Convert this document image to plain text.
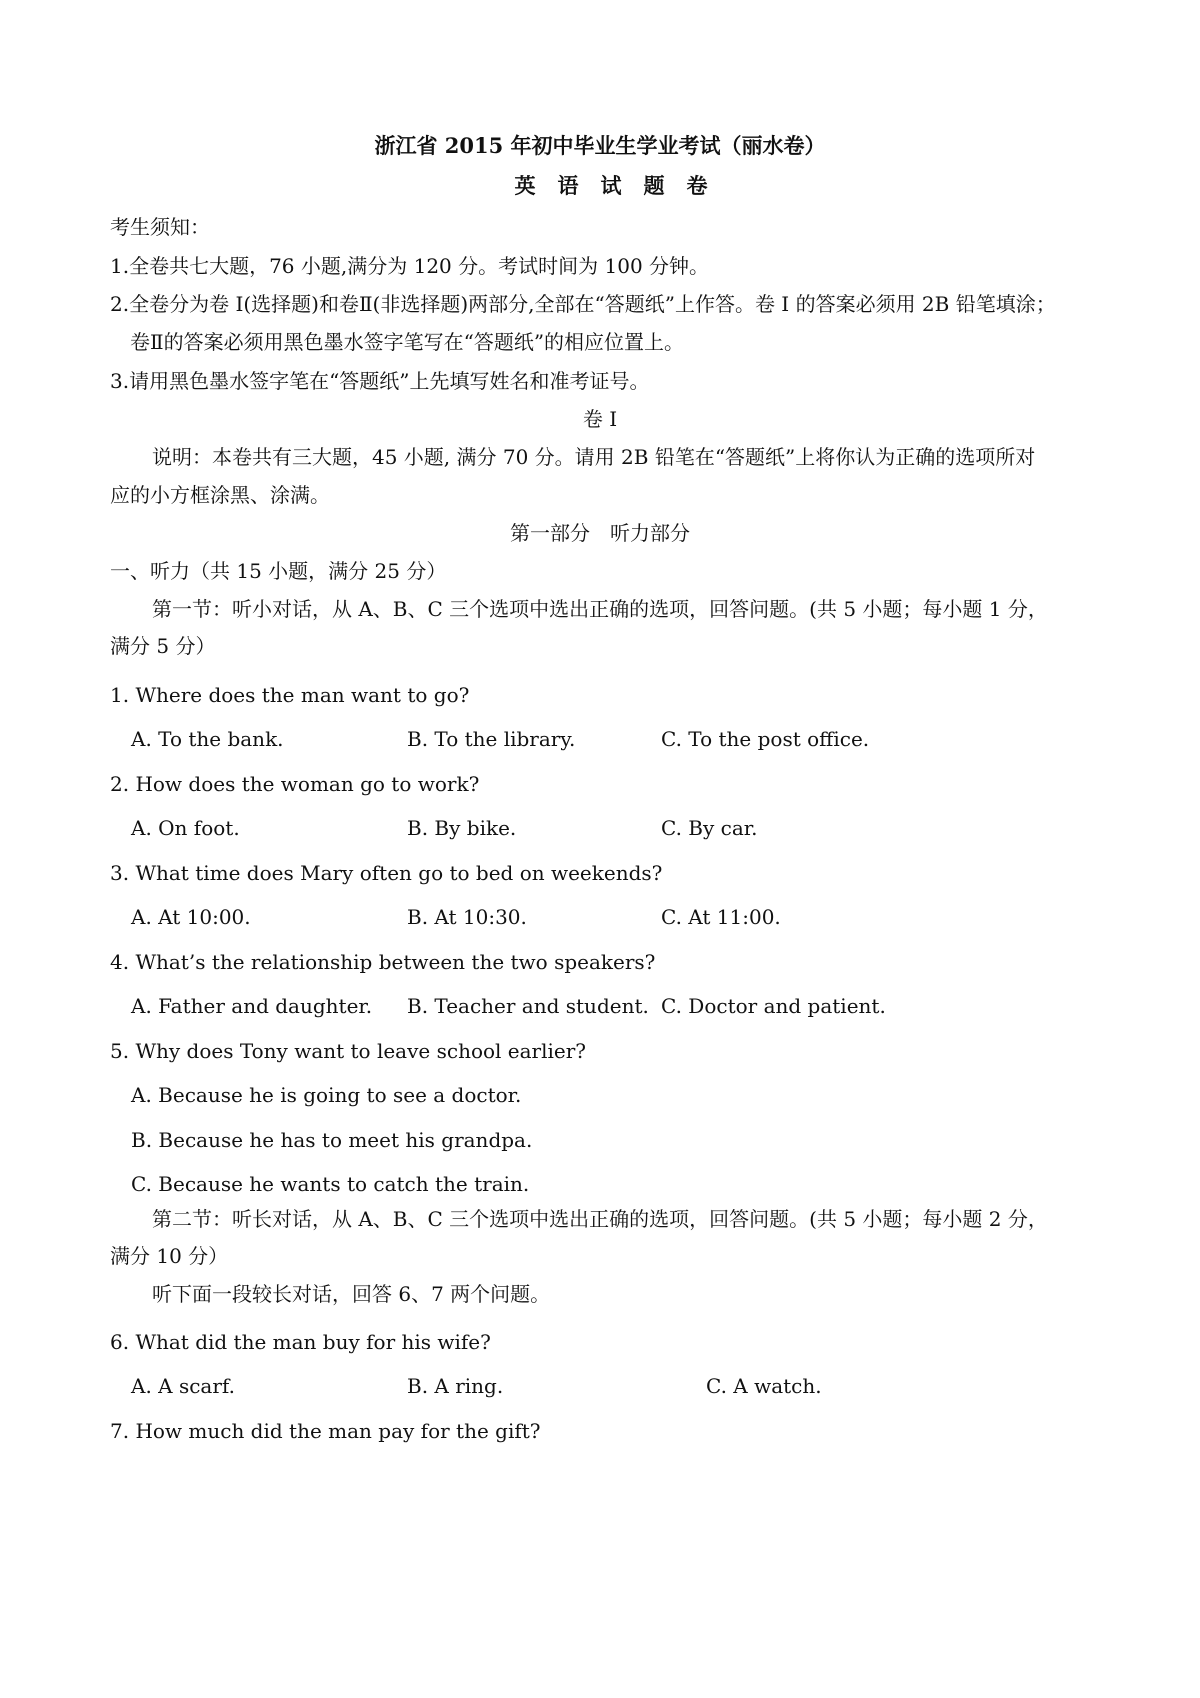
浙江省 2015 年初中毕业生学业考试（丽水卷）
英语试题卷
考生须知：
1.全卷共七大题，76 小题,满分为 120 分。考试时间为 100 分钟。
2.全卷分为卷 I(选择题)和卷Ⅱ(非选择题)两部分,全部在“答题纸”上作答。卷 I 的答案必须用 2B 铅笔填涂；
卷Ⅱ的答案必须用黑色墨水签字笔写在“答题纸”的相应位置上。
3.请用黑色墨水签字笔在“答题纸”上先填写姓名和准考证号。
卷 Ⅰ
说明：本卷共有三大题，45 小题, 满分 70 分。请用 2B 铅笔在“答题纸”上将你认为正确的选项所对
应的小方框涂黑、涂满。
第一部分　听力部分
一、听力（共 15 小题，满分 25 分）
第一节：听小对话，从 A、B、C 三个选项中选出正确的选项，回答问题。(共 5 小题；每小题 1 分，
满分 5 分）
1. Where does the man want to go?
A. To the bank.	B. To the library.	C. To the post office.
2. How does the woman go to work?
A. On foot.	B. By bike.	C. By car.
3. What time does Mary often go to bed on weekends?
A. At 10:00.	B. At 10:30.	C. At 11:00.
4. What’s the relationship between the two speakers?
A. Father and daughter. B. Teacher and student. C. Doctor and patient.
5. Why does Tony want to leave school earlier?
A. Because he is going to see a doctor.
B. Because he has to meet his grandpa.
C. Because he wants to catch the train.
第二节：听长对话，从 A、B、C 三个选项中选出正确的选项，回答问题。(共 5 小题；每小题 2 分，
满分 10 分）
听下面一段较长对话，回答 6、7 两个问题。
6. What did the man buy for his wife?
A. A scarf.	B. A ring.	C. A watch.
7. How much did the man pay for the gift?
